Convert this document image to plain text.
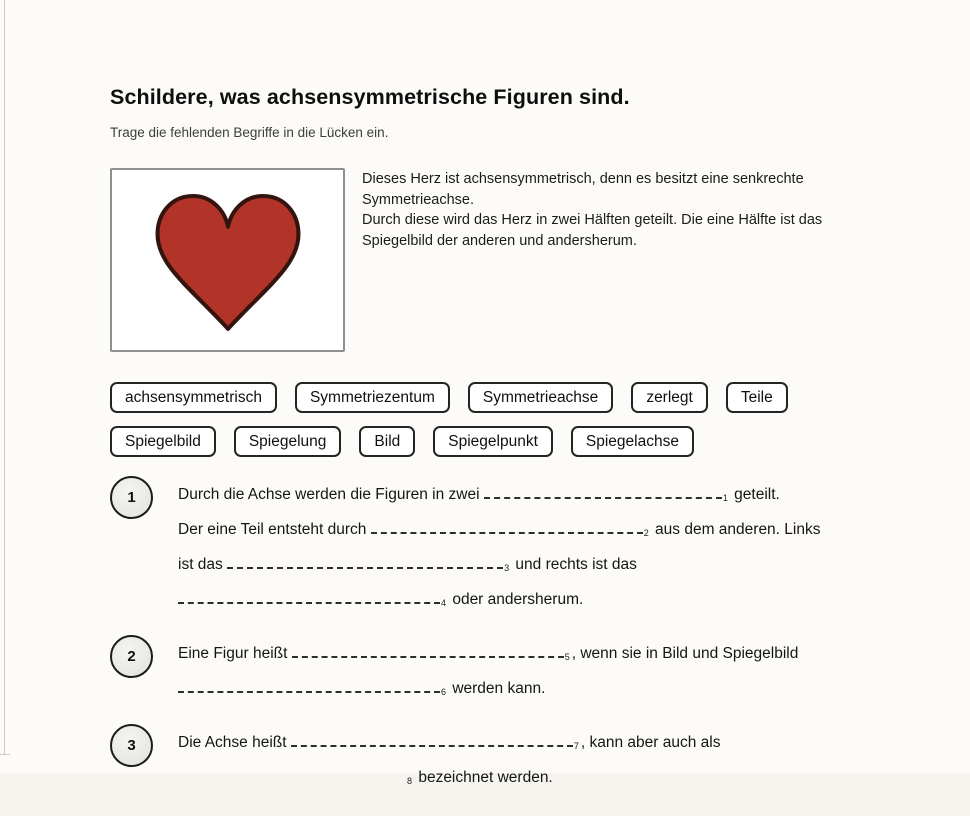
Schildere, was achsensymmetrische Figuren sind.
Trage die fehlenden Begriffe in die Lücken ein.
Dieses Herz ist achsensymmetrisch, denn es besitzt eine senkrechte
Symmetrieachse.
Durch diese wird das Herz in zwei Hälften geteilt. Die eine Hälfte ist das
Spiegelbild der anderen und andersherum.
achsensymmetrisch	Symmetriezentum	Symmetrieachse	zerlegt	Teile
Spiegelbild	Spiegelung	Bild	Spiegelpunkt	Spiegelachse
1	Durch die Achse werden die Figuren in zwei	$_1$ geteilt.
Der eine Teil entsteht durch	$_2$ aus dem anderen. Links
ist das	$_3$ und rechts ist das
$_4$ oder andersherum.
2	Eine Figur heißt	$_5$ , wenn sie in Bild und Spiegelbild
$_6$ werden kann.
3	Die Achse heißt	$_7$ , kann aber auch als
$_8$ bezeichnet werden.
